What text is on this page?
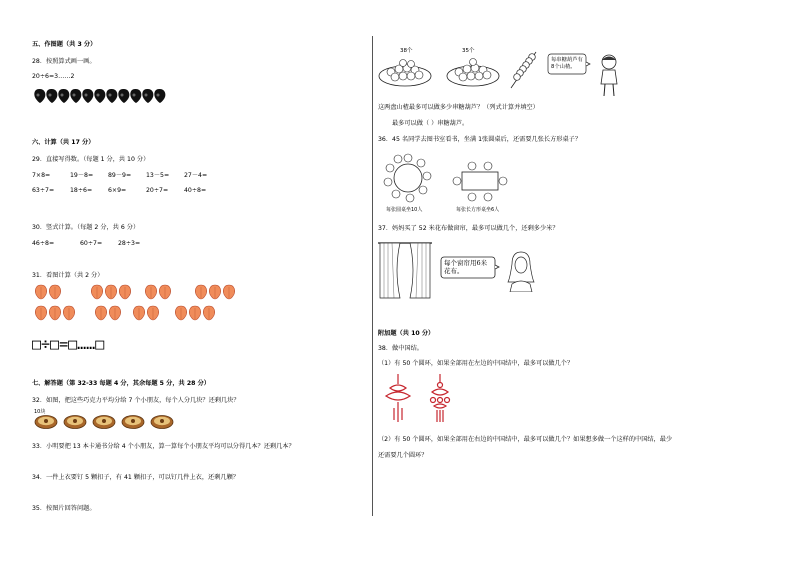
五、作图题（共 3 分）
28．按照算式画一画。
20÷6=3……2
六、计算（共 17 分）
29．直接写得数。（每题 1 分，共 10 分）
7×8=	19－8= 89－9= 13－5= 27－4=
63÷7=	18÷6=	6×9=	20÷7=	40÷8=
30．竖式计算。（每题 2 分，共 6 分）
46÷8=	60÷7=	28÷3=
31．看图计算（共 2 分）
□÷□=□……□
七、解答题（第 32-33 每题 4 分，其余每题 5 分，共 28 分）
32．如图，把这些巧克力平均分给 7 个小朋友，每个人分几块？还剩几块？
10块
33．小明要把 13 本卡通书分给 4 个小朋友，算一算每个小朋友平均可以分得几本？还剩几本？
34．一件上衣要钉 5 颗扣子，有 41 颗扣子，可以钉几件上衣，还剩几颗？
35．按图片回答问题。
38个	35个
每串糖葫芦有8个山楂。
这两盘山楂最多可以做多少串糖葫芦？（列式计算并填空）
最多可以做（ ）串糖葫芦。
36．45 名同学去图书室看书，坐满 1张圆桌后，还需要几张长方形桌子？
每张圆桌坐10人	每张长方形桌坐6人
37．妈妈买了 52 米花布做窗帘，最多可以做几个，还剩多少米？
每个窗帘用6米花布。
附加题（共 10 分）
38．做中国结。
（1）有 50 个圆环，如果全部用在左边的中国结中，最多可以做几个？
（2）有 50 个圆环，如果全部用在右边的中国结中，最多可以做几个？如果想多做一个这样的中国结，最少
还需要几个圆环？
